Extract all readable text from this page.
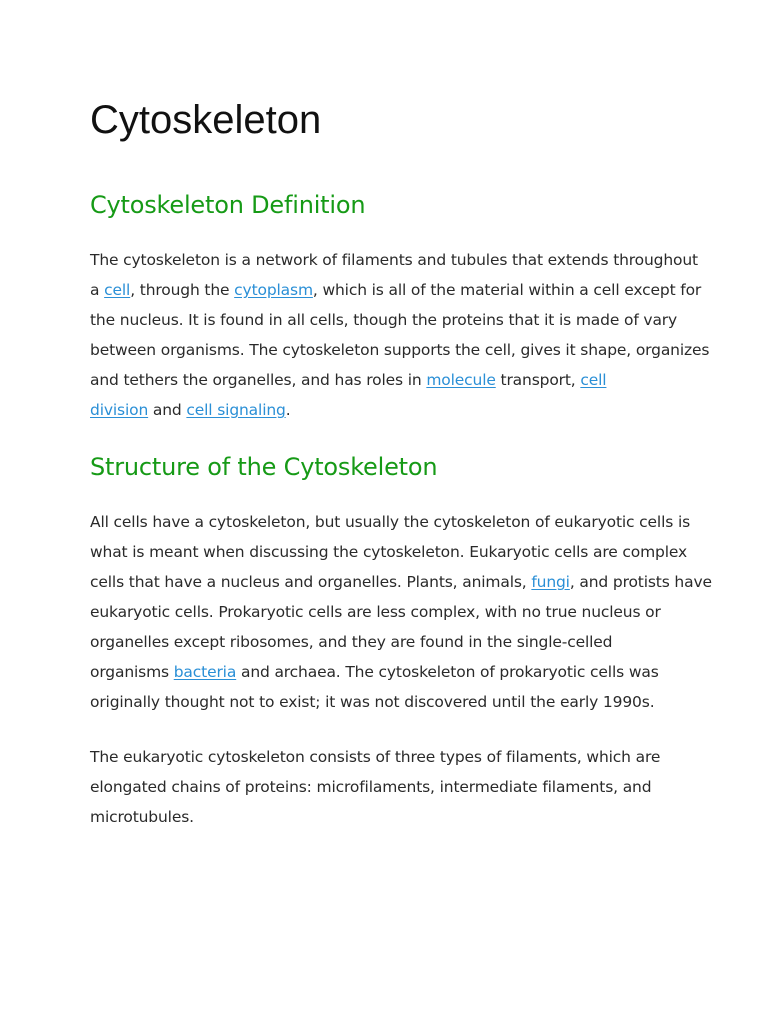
Cytoskeleton
Cytoskeleton Definition

The cytoskeleton is a network of filaments and tubules that extends throughout
a cell, through the cytoplasm, which is all of the material within a cell except for
the nucleus. It is found in all cells, though the proteins that it is made of vary
between organisms. The cytoskeleton supports the cell, gives it shape, organizes
and tethers the organelles, and has roles in molecule transport, cell
division and cell signaling.

Structure of the Cytoskeleton

All cells have a cytoskeleton, but usually the cytoskeleton of eukaryotic cells is
what is meant when discussing the cytoskeleton. Eukaryotic cells are complex
cells that have a nucleus and organelles. Plants, animals, fungi, and protists have
eukaryotic cells. Prokaryotic cells are less complex, with no true nucleus or
organelles except ribosomes, and they are found in the single-celled
organisms bacteria and archaea. The cytoskeleton of prokaryotic cells was
originally thought not to exist; it was not discovered until the early 1990s.

The eukaryotic cytoskeleton consists of three types of filaments, which are
elongated chains of proteins: microfilaments, intermediate filaments, and
microtubules.
